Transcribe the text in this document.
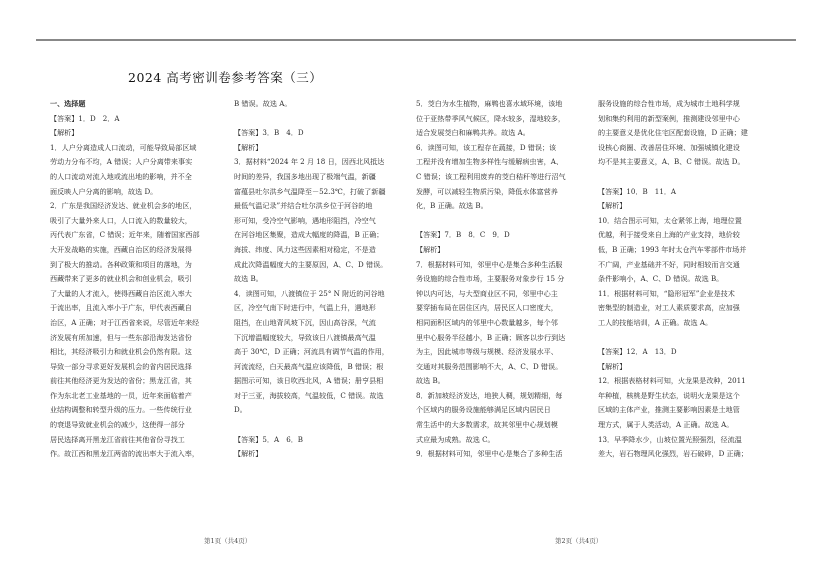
2024 高考密训卷参考答案（三）

一、选择题

【答案】1．D　2．A

【解析】

1．人户分离造成人口流动，可能导致局部区域

劳动力分布不均，A 错误；人户分离带来事实

的人口流动对流入地或流出地的影响，并不全

面反映人户分离的影响，故选 D。

2．广东是我国经济发达、就业机会多的地区，

吸引了大量外来人口，人口流入的数量较大，

丙代表广东省，C 错误；近年来，随着国家西部

大开发战略的实施，西藏自治区的经济发展得

到了极大的推动。各种政策和项目的落地，为

西藏带来了更多的就业机会和创业机会，吸引

了大量的人才流入，使得西藏自治区流入率大

于流出率，且流入率小于广东，甲代表西藏自

治区，A 正确；对于江西省来说，尽管近年来经

济发展有所加速，但与一些东部沿海发达省份

相比，其经济吸引力和就业机会仍然有限。这

导致一部分寻求更好发展机会的省内居民选择

前往其他经济更为发达的省份；黑龙江省，其

作为东北老工业基地的一员，近年来面临着产

业结构调整和转型升级的压力。一些传统行业

的衰退导致就业机会的减少，这使得一部分

居民选择离开黑龙江省前往其他省份寻找工

作。故江西和黑龙江两省的流出率大于流入率，

B 错误。故选 A。

【答案】3．B　4．D

【解析】

3．据材料“2024 年 2 月 18 日，因西北风抵达

时间的差异，我国多地出现了极端气温，新疆

富蕴县吐尔洪乡气温降至－52.3℃，打破了新疆

最低气温记录”并结合吐尔洪乡位于河谷的地

形可知，受冷空气影响，遇地形阻挡，冷空气

在河谷地区集聚，造成大幅度的降温，B 正确；

海拔、纬度、风力这些因素相对稳定，不是造

成此次降温幅度大的主要原因，A、C、D 错误。

故选 B。

4．读图可知，八渡镇位于 25° N 附近的河谷地

区，冷空气南下时进行中，气温上升，遇地形

阻挡，在山地背风坡下沉，因山高谷深，气流

下沉增温幅度较大，导致该日八渡镇最高气温

高于 30℃，D 正确；河流具有调节气温的作用，

河流流经，白天最高气温应该降低，B 错误；根

据图示可知，该日吹西北风，A 错误；册亨县相

对于三亚，海拔较高，气温较低，C 错误。故选

D。

【答案】5．A　6．B

【解析】

5．茭白为水生植物，麻鸭也喜水域环境，该地

位于亚热带季风气候区，降水较多，湿地较多，

适合发展茭白和麻鸭共养。故选 A。

6．读图可知，该工程存在蔬接，D 错误；该

工程并没有增加生物多样性与缓解病虫害，A、

C 错误；该工程利用废弃的茭白秸秆等进行沼气

发酵，可以减轻生物质污染，降低水体富营养

化，B 正确。故选 B。

【答案】7．B　8．C　9．D

【解析】

7．根据材料可知，邻里中心是集合多种生活服

务设施的综合性市场，主要服务对象步行 15 分

钟以内可达，与大型商业区不同，邻里中心主

要穿插布局在居住区内，居民区人口密度大，

相同面积区域内的邻里中心数量越多，每个邻

里中心服务半径越小，B 正确；顾客以步行到达

为主，因此城市等级与规模、经济发展水平、

交通对其服务范围影响不大，A、C、D 错误。

故选 B。

8．新加坡经济发达，地狭人稠，规划精细，每

个区域内的服务设施能够满足区域内居民日

常生活中的大多数需求，故其邻里中心规划模

式应最为成熟。故选 C。

9．根据材料可知，邻里中心是集合了多种生活

服务设施的综合性市场，成为城市土地科学规

划和集约利用的新型案例，推测建设邻里中心

的主要意义是优化住宅区配套设施，D 正确；建

设核心商圈、改善居住环境、加强城镇化建设

均不是其主要意义，A、B、C 错误。故选 D。

【答案】10．B　11．A

【解析】

10．结合图示可知，太仓紧邻上海，地理位置

优越，利于接受来自上海的产业支持，地价较

低，B 正确；1993 年时太仓汽车零部件市场并

不广阔，产业基础并不好，同时相较而言交通

条件影响小，A、C、D 错误。故选 B。

11．根据材料可知，“隐形冠军”企业是技术

密集型的制造业，对工人素质要求高，应加强

工人的技能培训，A 正确。故选 A。

【答案】12．A　13．D

【解析】

12．根据表格材料可知，火龙果是改种，2011

年种植，核桃是野生状态，说明火龙果是这个

区域的主体产业，推测主要影响因素是土地管

理方式，属于人类活动，A 正确。故选 A。

13．早季降水少，山坡位置光照强烈，径流温

差大，岩石物理风化强烈，岩石破碎，D 正确；

第1页（共4页）	第2页（共4页）
